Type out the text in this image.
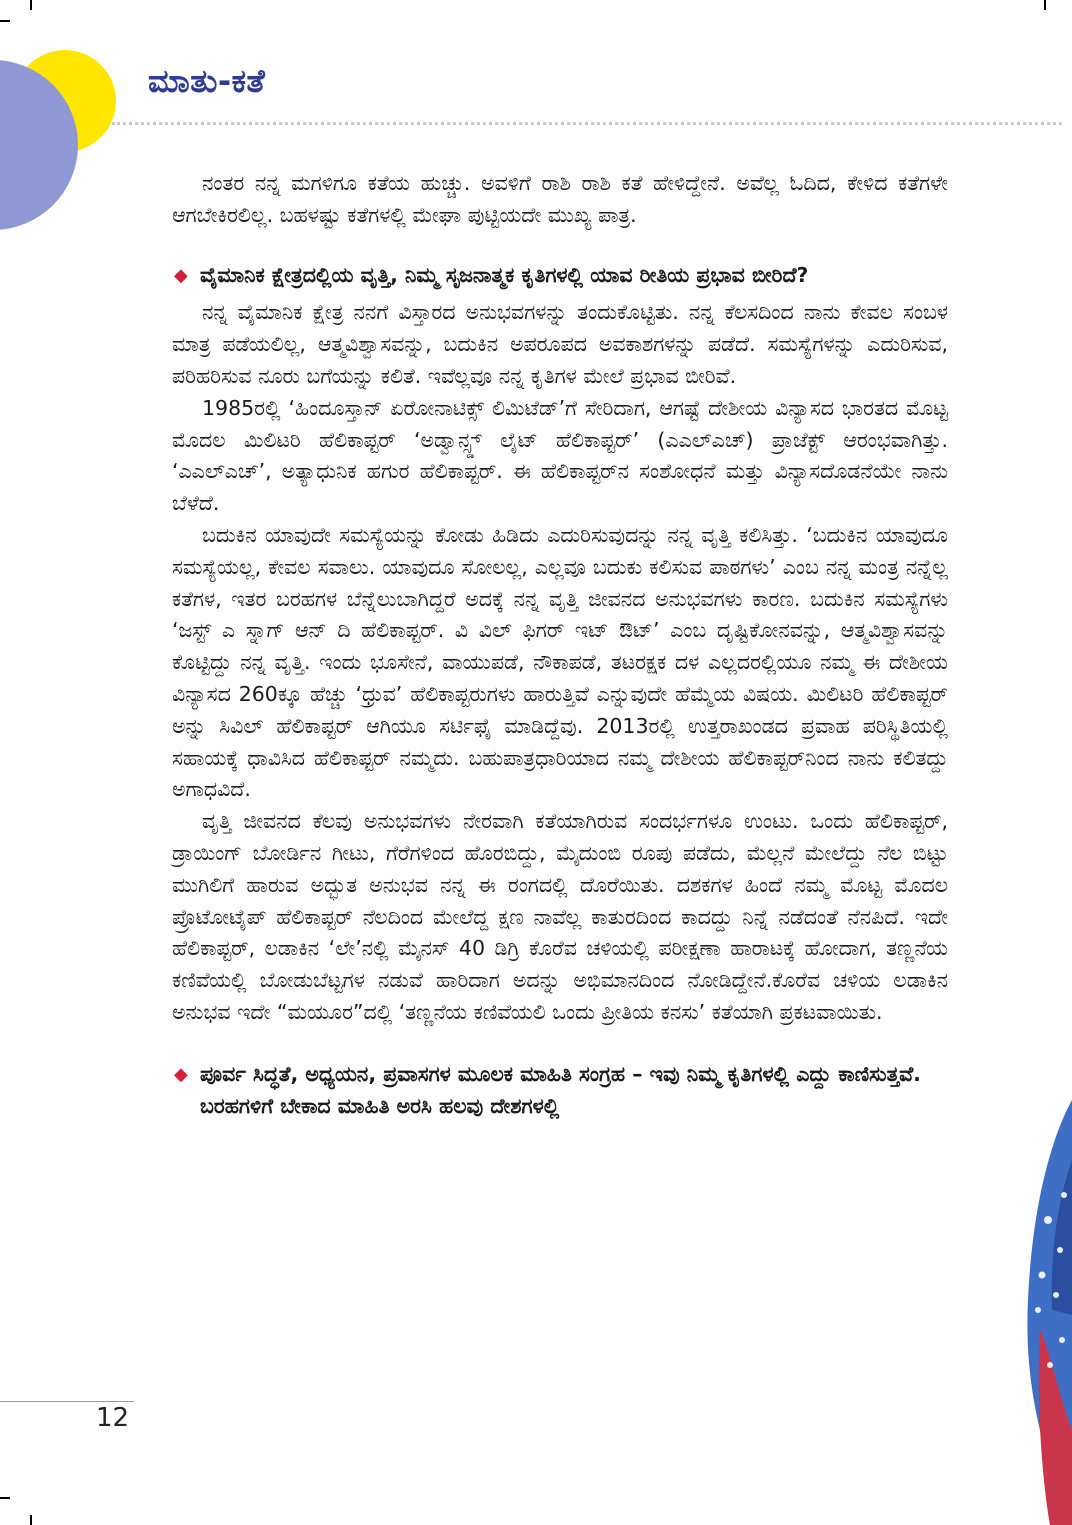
ಮಾತು-ಕತೆ

ನಂತರ ನನ್ನ ಮಗಳಿಗೂ ಕತೆಯ ಹುಚ್ಚು. ಅವಳಿಗೆ ರಾಶಿ ರಾಶಿ ಕತೆ ಹೇಳಿದ್ದೇನೆ. ಅವೆಲ್ಲ ಓದಿದ, ಕೇಳಿದ ಕತೆಗಳೇ ಆಗಬೇಕಿರಲಿಲ್ಲ. ಬಹಳಷ್ಟು ಕತೆಗಳಲ್ಲಿ ಮೇಘಾ ಪುಟ್ಟಿಯದೇ ಮುಖ್ಯ ಪಾತ್ರ.

◆ ವೈಮಾನಿಕ ಕ್ಷೇತ್ರದಲ್ಲಿಯ ವೃತ್ತಿ, ನಿಮ್ಮ ಸೃಜನಾತ್ಮಕ ಕೃತಿಗಳಲ್ಲಿ ಯಾವ ರೀತಿಯ ಪ್ರಭಾವ ಬೀರಿದೆ?

ನನ್ನ ವೈಮಾನಿಕ ಕ್ಷೇತ್ರ ನನಗೆ ವಿಸ್ತಾರದ ಅನುಭವಗಳನ್ನು ತಂದುಕೊಟ್ಟಿತು. ನನ್ನ ಕೆಲಸದಿಂದ ನಾನು ಕೇವಲ ಸಂಬಳ ಮಾತ್ರ ಪಡೆಯಲಿಲ್ಲ, ಆತ್ಮವಿಶ್ವಾಸವನ್ನು, ಬದುಕಿನ ಅಪರೂಪದ ಅವಕಾಶಗಳನ್ನು ಪಡೆದೆ. ಸಮಸ್ಯೆಗಳನ್ನು ಎದುರಿಸುವ, ಪರಿಹರಿಸುವ ನೂರು ಬಗೆಯನ್ನು ಕಲಿತೆ. ಇವೆಲ್ಲವೂ ನನ್ನ ಕೃತಿಗಳ ಮೇಲೆ ಪ್ರಭಾವ ಬೀರಿವೆ.

1985ರಲ್ಲಿ ‘ಹಿಂದೂಸ್ತಾನ್ ಏರೋನಾಟಿಕ್ಸ್ ಲಿಮಿಟೆಡ್’ಗೆ ಸೇರಿದಾಗ, ಆಗಷ್ಟೆ ದೇಶೀಯ ವಿನ್ಯಾಸದ ಭಾರತದ ಮೊಟ್ಟ ಮೊದಲ ಮಿಲಿಟರಿ ಹೆಲಿಕಾಪ್ಟರ್ ‘ಅಡ್ವಾನ್ಸ್ಡ್ ಲೈಟ್ ಹೆಲಿಕಾಪ್ಟರ್’ (ಎಎಲ್ಎಚ್) ಪ್ರಾಜೆಕ್ಟ್ ಆರಂಭವಾಗಿತ್ತು. ‘ಎಎಲ್ಎಚ್’, ಅತ್ಯಾಧುನಿಕ ಹಗುರ ಹೆಲಿಕಾಪ್ಟರ್. ಈ ಹೆಲಿಕಾಪ್ಟರ್‌ನ ಸಂಶೋಧನೆ ಮತ್ತು ವಿನ್ಯಾಸದೊಡನೆಯೇ ನಾನು ಬೆಳೆದೆ.

ಬದುಕಿನ ಯಾವುದೇ ಸಮಸ್ಯೆಯನ್ನು ಕೋಡು ಹಿಡಿದು ಎದುರಿಸುವುದನ್ನು ನನ್ನ ವೃತ್ತಿ ಕಲಿಸಿತ್ತು. ‘ಬದುಕಿನ ಯಾವುದೂ ಸಮಸ್ಯೆಯಲ್ಲ, ಕೇವಲ ಸವಾಲು. ಯಾವುದೂ ಸೋಲಲ್ಲ, ಎಲ್ಲವೂ ಬದುಕು ಕಲಿಸುವ ಪಾಠಗಳು’ ಎಂಬ ನನ್ನ ಮಂತ್ರ ನನ್ನೆಲ್ಲ ಕತೆಗಳ, ಇತರ ಬರಹಗಳ ಬೆನ್ನೆಲುಬಾಗಿದ್ದರೆ ಅದಕ್ಕೆ ನನ್ನ ವೃತ್ತಿ ಜೀವನದ ಅನುಭವಗಳು ಕಾರಣ. ಬದುಕಿನ ಸಮಸ್ಯೆಗಳು ‘ಜಸ್ಟ್ ಎ ಸ್ನಾಗ್ ಆನ್ ದಿ ಹೆಲಿಕಾಪ್ಟರ್. ವಿ ವಿಲ್ ಫಿಗರ್ ಇಟ್ ಔಟ್’ ಎಂಬ ದೃಷ್ಟಿಕೋನವನ್ನು, ಆತ್ಮವಿಶ್ವಾಸವನ್ನು ಕೊಟ್ಟಿದ್ದು ನನ್ನ ವೃತ್ತಿ. ಇಂದು ಭೂಸೇನೆ, ವಾಯುಪಡೆ, ನೌಕಾಪಡೆ, ತಟರಕ್ಷಕ ದಳ ಎಲ್ಲದರಲ್ಲಿಯೂ ನಮ್ಮ ಈ ದೇಶೀಯ ವಿನ್ಯಾಸದ 260ಕ್ಕೂ ಹೆಚ್ಚು ‘ಧ್ರುವ’ ಹೆಲಿಕಾಪ್ಟರುಗಳು ಹಾರುತ್ತಿವೆ ಎನ್ನುವುದೇ ಹೆಮ್ಮೆಯ ವಿಷಯ. ಮಿಲಿಟರಿ ಹೆಲಿಕಾಪ್ಟರ್ ಅನ್ನು ಸಿವಿಲ್ ಹೆಲಿಕಾಪ್ಟರ್ ಆಗಿಯೂ ಸರ್ಟಿಫೈ ಮಾಡಿದ್ದೆವು. 2013ರಲ್ಲಿ ಉತ್ತರಾಖಂಡದ ಪ್ರವಾಹ ಪರಿಸ್ಥಿತಿಯಲ್ಲಿ ಸಹಾಯಕ್ಕೆ ಧಾವಿಸಿದ ಹೆಲಿಕಾಪ್ಟರ್ ನಮ್ಮದು. ಬಹುಪಾತ್ರಧಾರಿಯಾದ ನಮ್ಮ ದೇಶೀಯ ಹೆಲಿಕಾಪ್ಟರ್‌ನಿಂದ ನಾನು ಕಲಿತದ್ದು ಅಗಾಧವಿದೆ.

ವೃತ್ತಿ ಜೀವನದ ಕೆಲವು ಅನುಭವಗಳು ನೇರವಾಗಿ ಕತೆಯಾಗಿರುವ ಸಂದರ್ಭಗಳೂ ಉಂಟು. ಒಂದು ಹೆಲಿಕಾಪ್ಟರ್, ಡ್ರಾಯಿಂಗ್ ಬೋರ್ಡಿನ ಗೀಟು, ಗೆರೆಗಳಿಂದ ಹೊರಬಿದ್ದು, ಮೈದುಂಬಿ ರೂಪು ಪಡೆದು, ಮೆಲ್ಲನೆ ಮೇಲೆದ್ದು ನೆಲ ಬಿಟ್ಟು ಮುಗಿಲಿಗೆ ಹಾರುವ ಅದ್ಭುತ ಅನುಭವ ನನ್ನ ಈ ರಂಗದಲ್ಲಿ ದೊರೆಯಿತು. ದಶಕಗಳ ಹಿಂದೆ ನಮ್ಮ ಮೊಟ್ಟ ಮೊದಲ ಪ್ರೊಟೋಟೈಪ್ ಹೆಲಿಕಾಪ್ಟರ್ ನೆಲದಿಂದ ಮೇಲೆದ್ದ ಕ್ಷಣ ನಾವೆಲ್ಲ ಕಾತುರದಿಂದ ಕಾದದ್ದು ನಿನ್ನೆ ನಡೆದಂತೆ ನೆನಪಿದೆ. ಇದೇ ಹೆಲಿಕಾಪ್ಟರ್, ಲಡಾಕಿನ ‘ಲೇ’ನಲ್ಲಿ ಮೈನಸ್ 40 ಡಿಗ್ರಿ ಕೊರೆವ ಚಳಿಯಲ್ಲಿ ಪರೀಕ್ಷಣಾ ಹಾರಾಟಕ್ಕೆ ಹೋದಾಗ, ತಣ್ಣನೆಯ ಕಣಿವೆಯಲ್ಲಿ ಬೋಡುಬೆಟ್ಟಗಳ ನಡುವೆ ಹಾರಿದಾಗ ಅದನ್ನು ಅಭಿಮಾನದಿಂದ ನೋಡಿದ್ದೇನೆ.ಕೊರೆವ ಚಳಿಯ ಲಡಾಕಿನ ಅನುಭವ ಇದೇ “ಮಯೂರ”ದಲ್ಲಿ ‘ತಣ್ಣನೆಯ ಕಣಿವೆಯಲಿ ಒಂದು ಪ್ರೀತಿಯ ಕನಸು’ ಕತೆಯಾಗಿ ಪ್ರಕಟವಾಯಿತು.

◆ ಪೂರ್ವ ಸಿದ್ಧತೆ, ಅಧ್ಯಯನ, ಪ್ರವಾಸಗಳ ಮೂಲಕ ಮಾಹಿತಿ ಸಂಗ್ರಹ – ಇವು ನಿಮ್ಮ ಕೃತಿಗಳಲ್ಲಿ ಎದ್ದು ಕಾಣಿಸುತ್ತವೆ. ಬರಹಗಳಿಗೆ ಬೇಕಾದ ಮಾಹಿತಿ ಅರಸಿ ಹಲವು ದೇಶಗಳಲ್ಲಿ

12
